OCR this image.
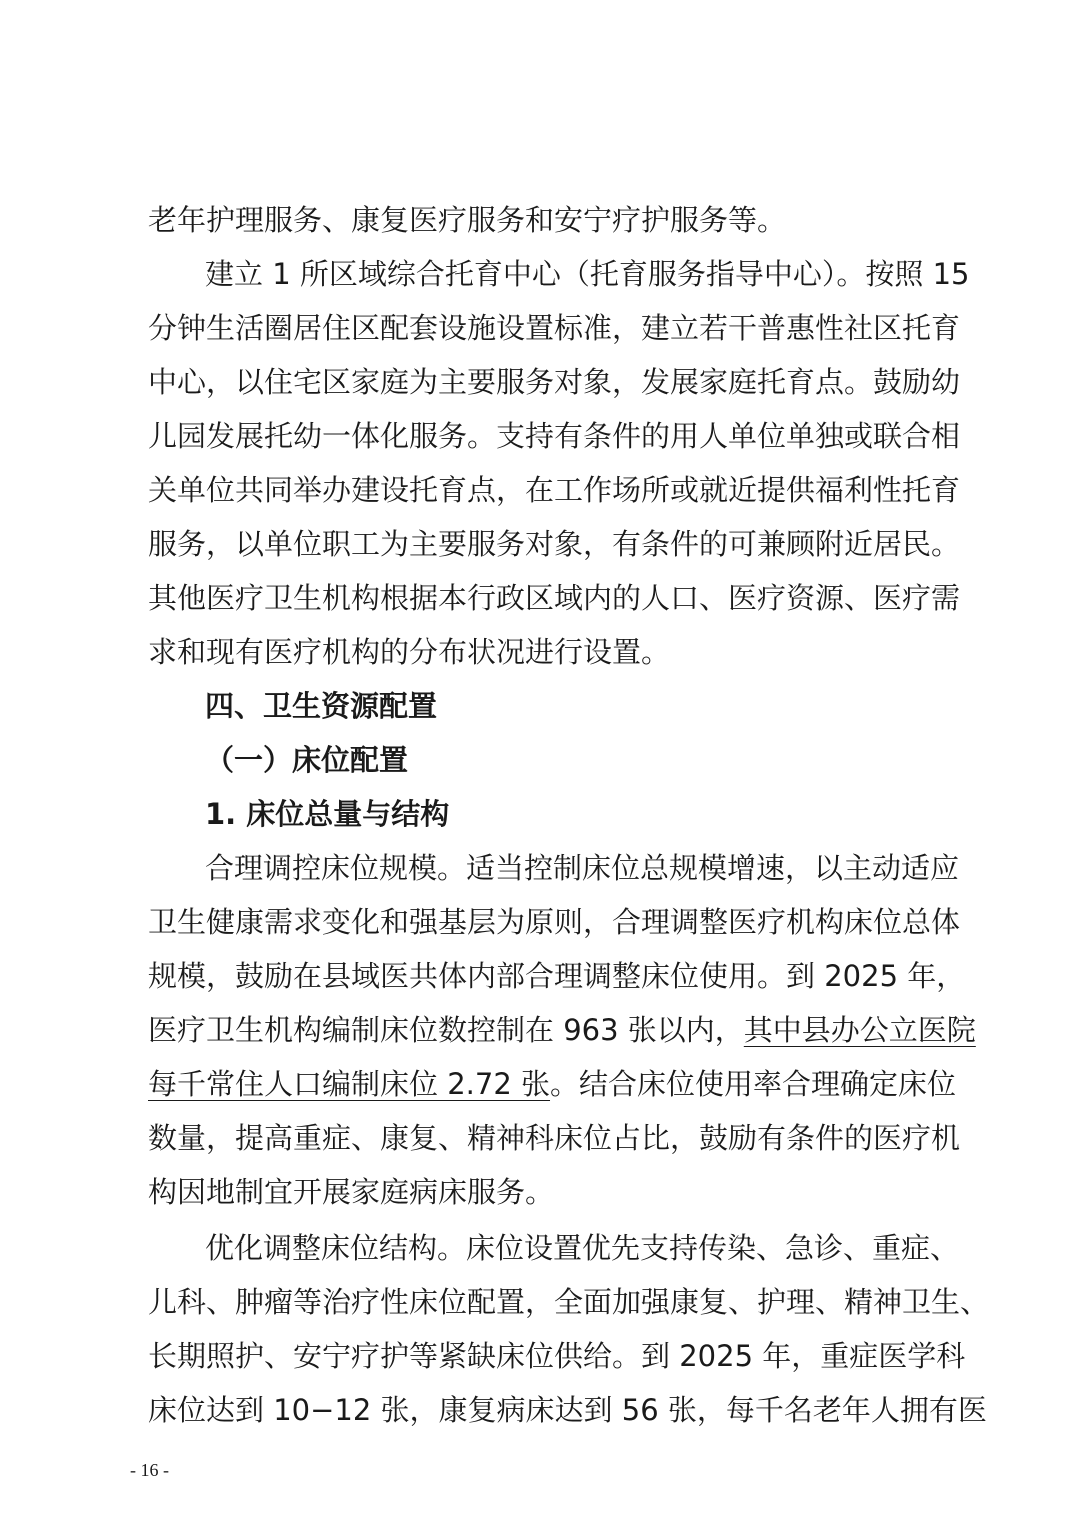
老年护理服务、康复医疗服务和安宁疗护服务等。
建立 1 所区域综合托育中心（托育服务指导中心）。按照 15
分钟生活圈居住区配套设施设置标准，建立若干普惠性社区托育
中心，以住宅区家庭为主要服务对象，发展家庭托育点。鼓励幼
儿园发展托幼一体化服务。支持有条件的用人单位单独或联合相
关单位共同举办建设托育点，在工作场所或就近提供福利性托育
服务，以单位职工为主要服务对象，有条件的可兼顾附近居民。
其他医疗卫生机构根据本行政区域内的人口、医疗资源、医疗需
求和现有医疗机构的分布状况进行设置。
四、卫生资源配置
（一）床位配置
1. 床位总量与结构
合理调控床位规模。适当控制床位总规模增速，以主动适应
卫生健康需求变化和强基层为原则，合理调整医疗机构床位总体
规模，鼓励在县域医共体内部合理调整床位使用。到 2025 年，
医疗卫生机构编制床位数控制在 963 张以内，其中县办公立医院
每千常住人口编制床位 2.72 张。结合床位使用率合理确定床位
数量，提高重症、康复、精神科床位占比，鼓励有条件的医疗机
构因地制宜开展家庭病床服务。
优化调整床位结构。床位设置优先支持传染、急诊、重症、
儿科、肿瘤等治疗性床位配置，全面加强康复、护理、精神卫生、
长期照护、安宁疗护等紧缺床位供给。到 2025 年，重症医学科
床位达到 10−12 张，康复病床达到 56 张，每千名老年人拥有医
- 16 -
